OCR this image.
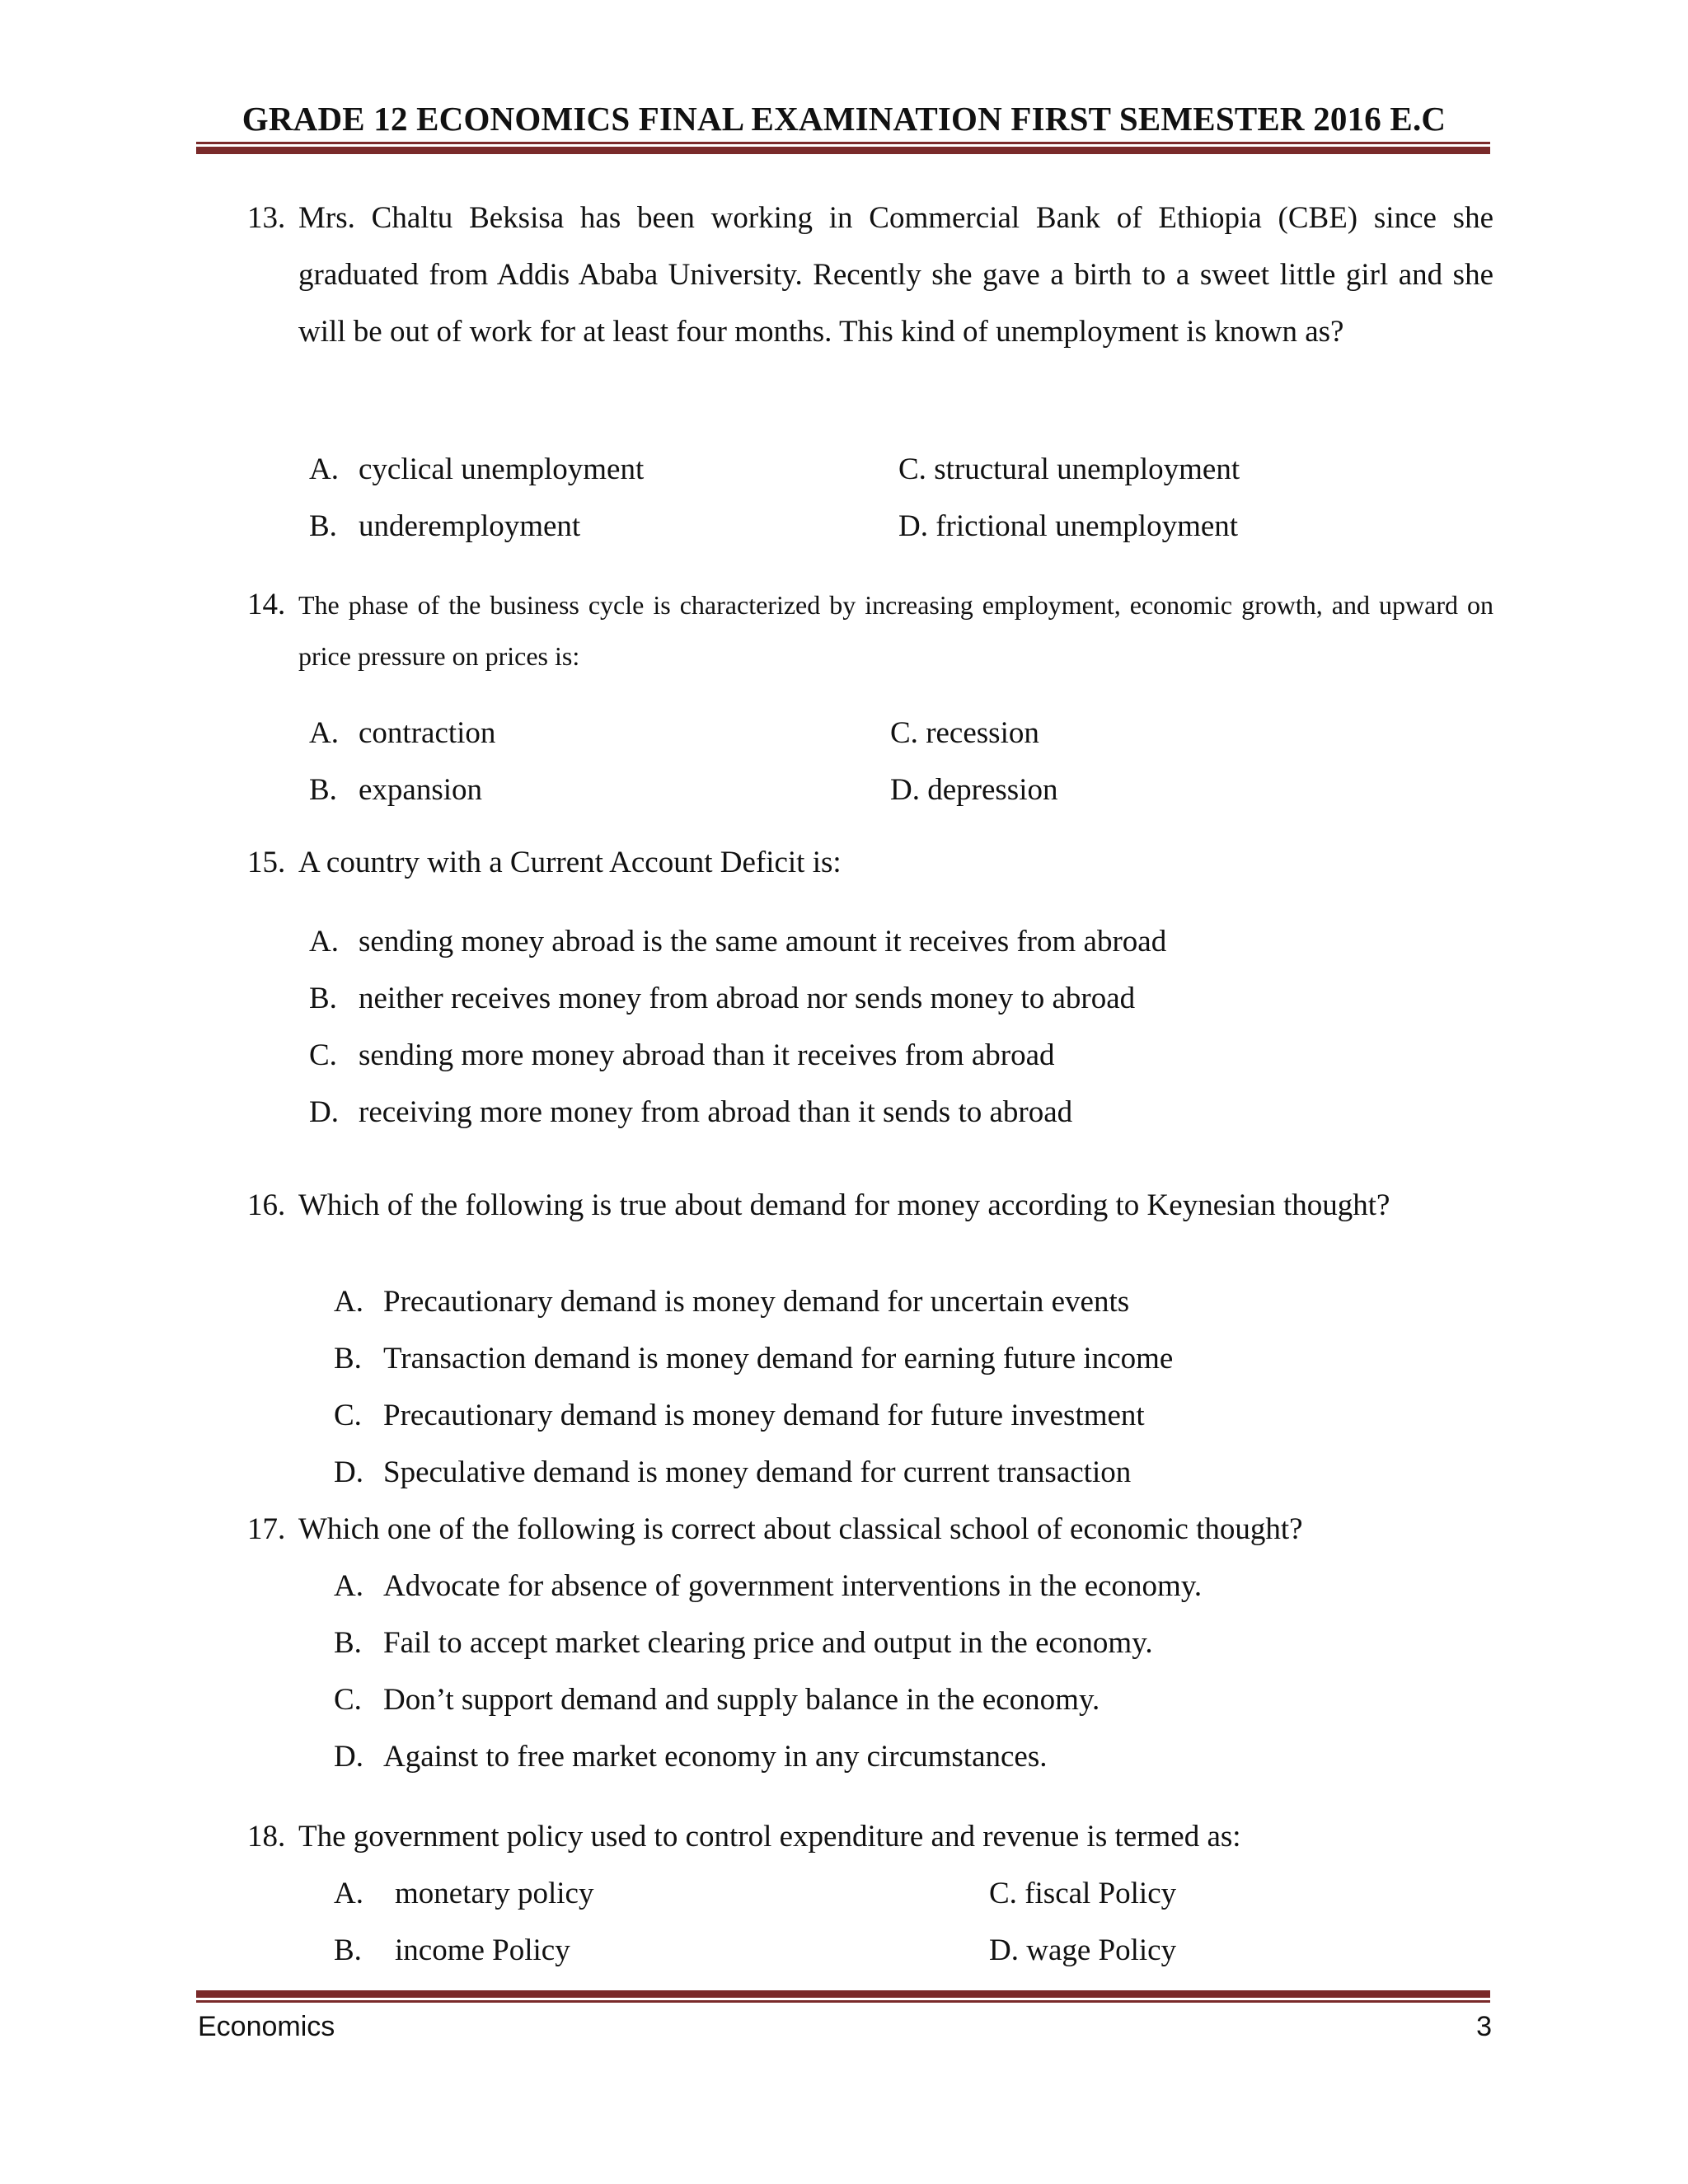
GRADE 12 ECONOMICS FINAL EXAMINATION FIRST SEMESTER 2016 E.C
13. Mrs. Chaltu Beksisa has been working in Commercial Bank of Ethiopia (CBE) since she graduated from Addis Ababa University. Recently she gave a birth to a sweet little girl and she will be out of work for at least four months. This kind of unemployment is known as?
A. cyclical unemployment
B. underemployment
C. structural unemployment
D. frictional unemployment
14. The phase of the business cycle is characterized by increasing employment, economic growth, and upward on price pressure on prices is:
A. contraction
B. expansion
C. recession
D. depression
15. A country with a Current Account Deficit is:
A. sending money abroad is the same amount it receives from abroad
B. neither receives money from abroad nor sends money to abroad
C. sending more money abroad than it receives from abroad
D. receiving more money from abroad than it sends to abroad
16. Which of the following is true about demand for money according to Keynesian thought?
A. Precautionary demand is money demand for uncertain events
B. Transaction demand is money demand for earning future income
C. Precautionary demand is money demand for future investment
D. Speculative demand is money demand for current transaction
17. Which one of the following is correct about classical school of economic thought?
A. Advocate for absence of government interventions in the economy.
B. Fail to accept market clearing price and output in the economy.
C. Don’t support demand and supply balance in the economy.
D. Against to free market economy in any circumstances.
18. The government policy used to control expenditure and revenue is termed as:
A. monetary policy
B. income Policy
C. fiscal Policy
D. wage Policy
Economics	3
